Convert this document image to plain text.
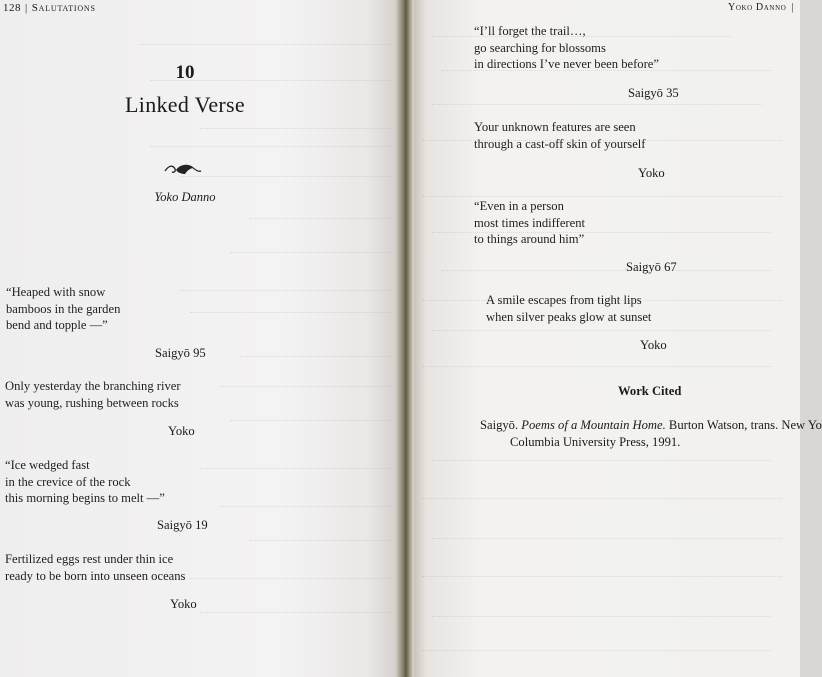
128 | Salutations
10
Linked Verse
Yoko Danno
“Heaped with snow
bamboos in the garden
bend and topple —”
Saigyō 95
Only yesterday the branching river
was young, rushing between rocks
Yoko
“Ice wedged fast
in the crevice of the rock
this morning begins to melt —”
Saigyō 19
Fertilized eggs rest under thin ice
ready to be born into unseen oceans
Yoko
Yoko Danno |
“I’ll forget the trail…,
go searching for blossoms
in directions I’ve never been before”
Saigyō 35
Your unknown features are seen
through a cast-off skin of yourself
Yoko
“Even in a person
most times indifferent
to things around him”
Saigyō 67
A smile escapes from tight lips
when silver peaks glow at sunset
Yoko
Work Cited
Saigyō. Poems of a Mountain Home. Burton Watson, trans. New Yo
Columbia University Press, 1991.
